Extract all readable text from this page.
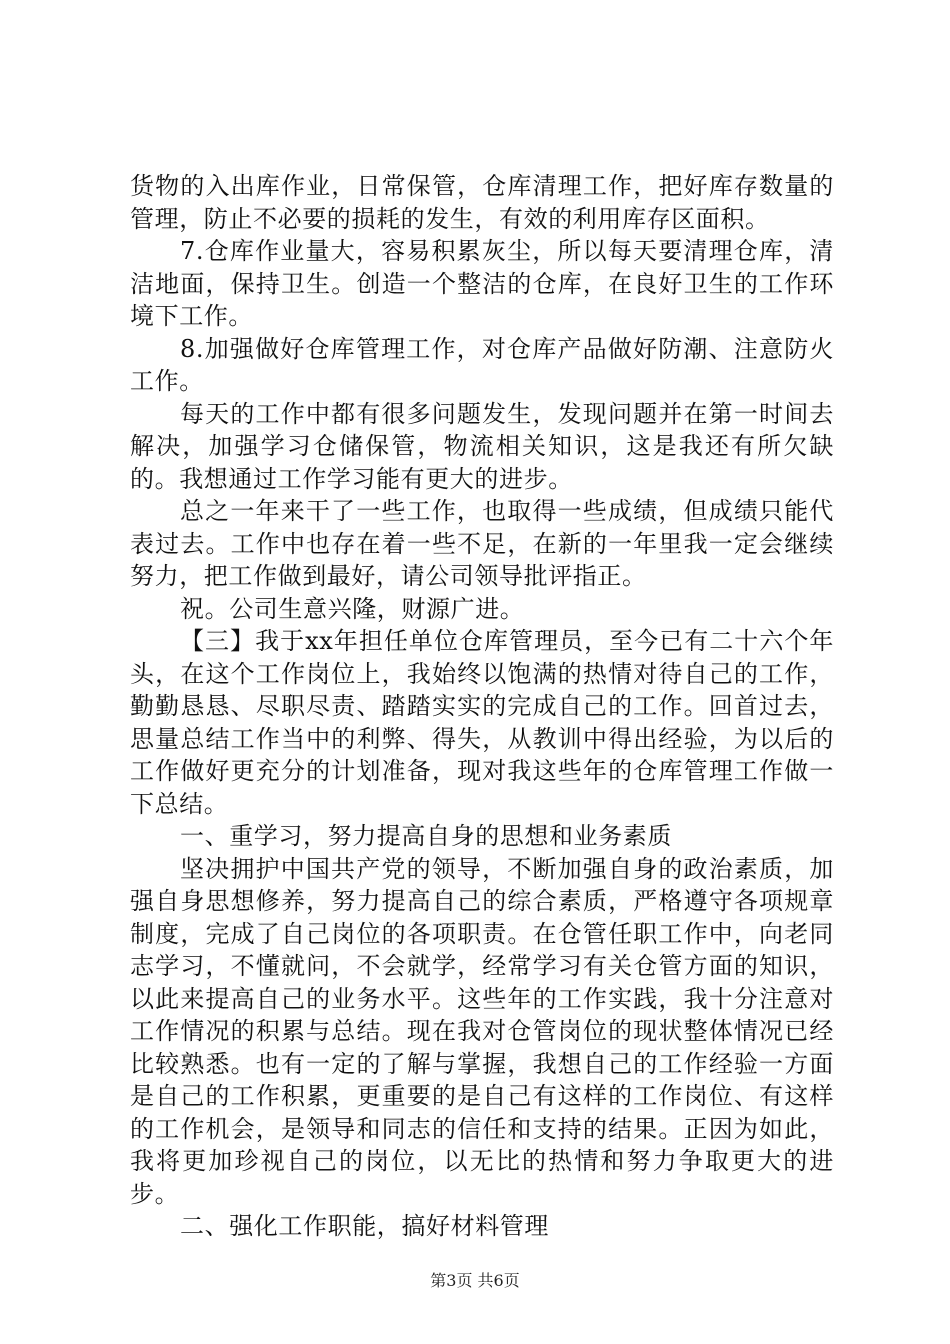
货物的入出库作业，日常保管，仓库清理工作，把好库存数量的管理，防止不必要的损耗的发生，有效的利用库存区面积。

7.仓库作业量大，容易积累灰尘，所以每天要清理仓库，清洁地面，保持卫生。创造一个整洁的仓库，在良好卫生的工作环境下工作。

8.加强做好仓库管理工作，对仓库产品做好防潮、注意防火工作。

每天的工作中都有很多问题发生，发现问题并在第一时间去解决，加强学习仓储保管，物流相关知识，这是我还有所欠缺的。我想通过工作学习能有更大的进步。

总之一年来干了一些工作，也取得一些成绩，但成绩只能代表过去。工作中也存在着一些不足，在新的一年里我一定会继续努力，把工作做到最好，请公司领导批评指正。

祝。公司生意兴隆，财源广进。

【三】我于xx年担任单位仓库管理员，至今已有二十六个年头，在这个工作岗位上，我始终以饱满的热情对待自己的工作，勤勤恳恳、尽职尽责、踏踏实实的完成自己的工作。回首过去，思量总结工作当中的利弊、得失，从教训中得出经验，为以后的工作做好更充分的计划准备，现对我这些年的仓库管理工作做一下总结。

一、重学习，努力提高自身的思想和业务素质

坚决拥护中国共产党的领导，不断加强自身的政治素质，加强自身思想修养，努力提高自己的综合素质，严格遵守各项规章制度，完成了自己岗位的各项职责。在仓管任职工作中，向老同志学习，不懂就问，不会就学，经常学习有关仓管方面的知识，以此来提高自己的业务水平。这些年的工作实践，我十分注意对工作情况的积累与总结。现在我对仓管岗位的现状整体情况已经比较熟悉。也有一定的了解与掌握，我想自己的工作经验一方面是自己的工作积累，更重要的是自己有这样的工作岗位、有这样的工作机会，是领导和同志的信任和支持的结果。正因为如此，我将更加珍视自己的岗位，以无比的热情和努力争取更大的进步。

二、强化工作职能，搞好材料管理

第3页 共6页
